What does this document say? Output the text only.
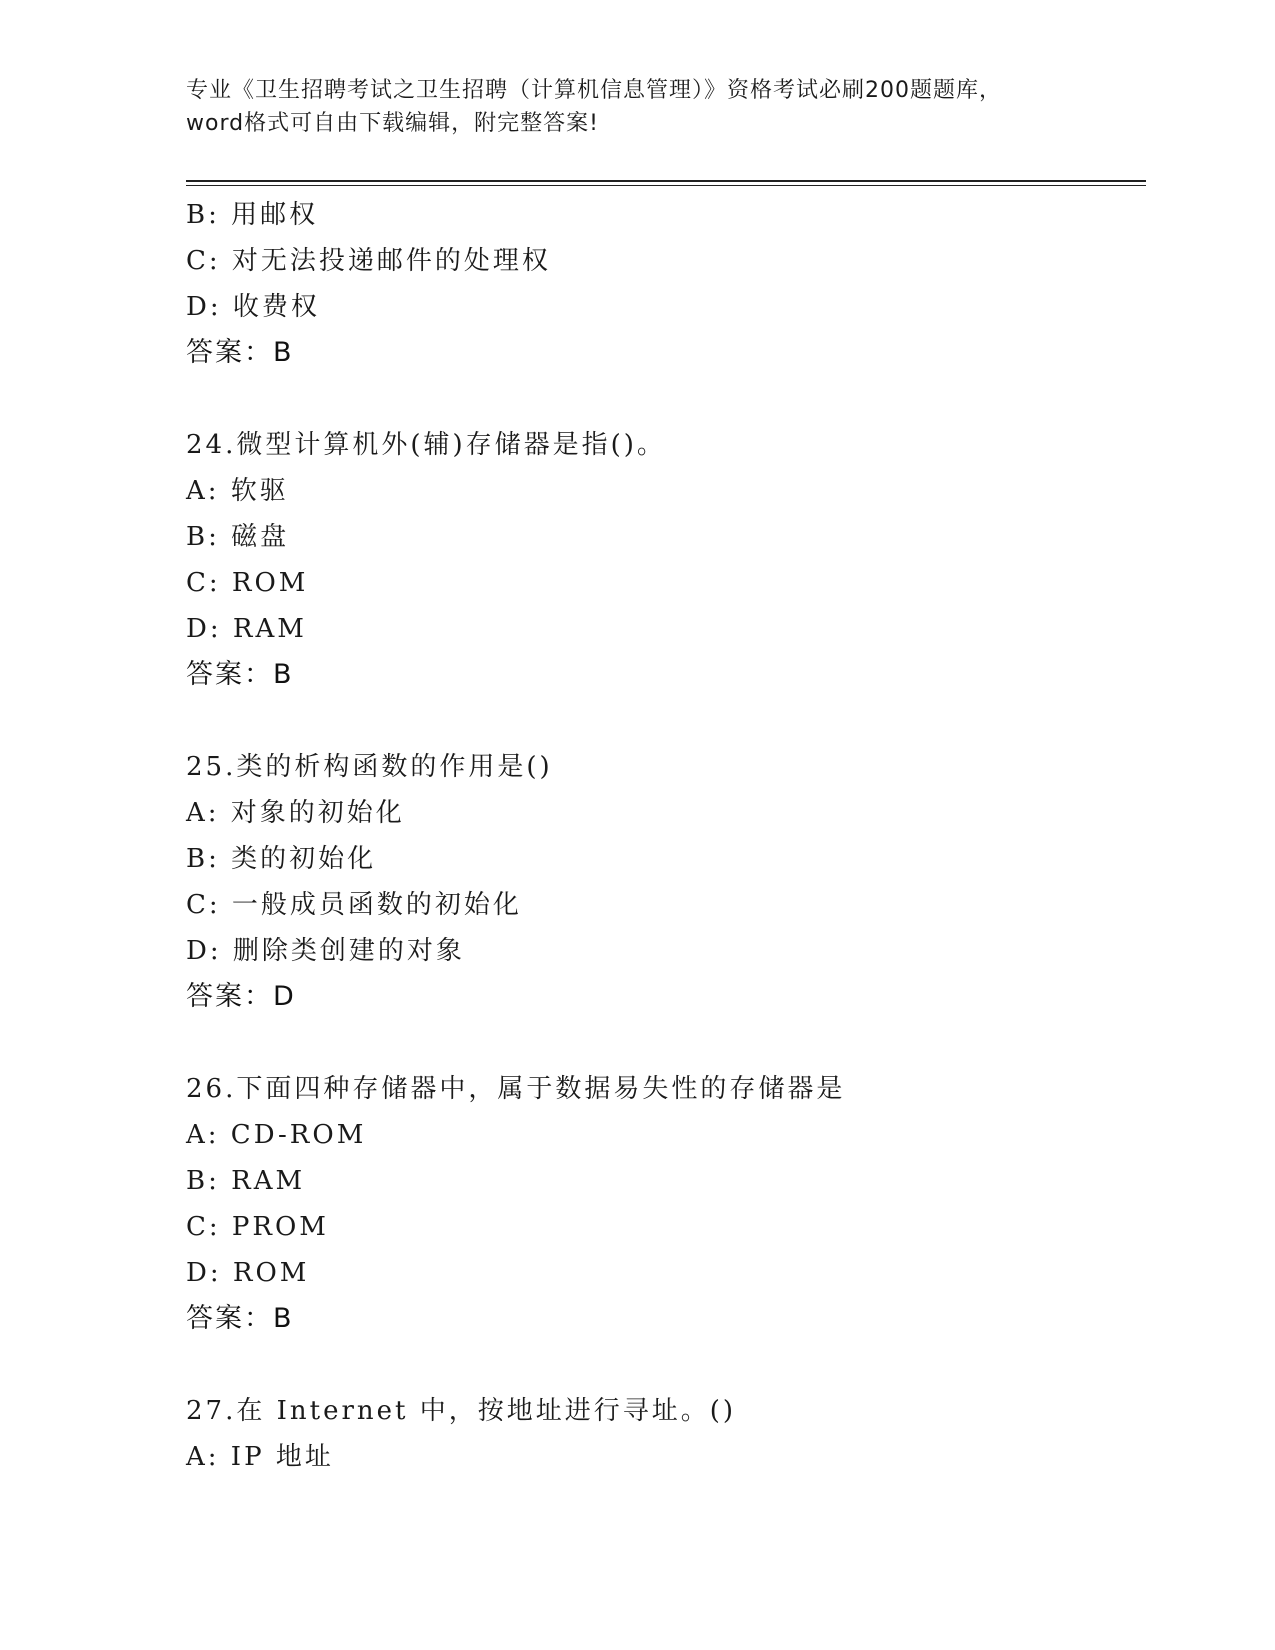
专业《卫生招聘考试之卫生招聘（计算机信息管理）》资格考试必刷200题题库，
word格式可自由下载编辑，附完整答案!
B: 用邮权
C: 对无法投递邮件的处理权
D: 收费权
答案：B
24.微型计算机外(辅)存储器是指()。
A: 软驱
B: 磁盘
C: ROM
D: RAM
答案：B
25.类的析构函数的作用是()
A: 对象的初始化
B: 类的初始化
C: 一般成员函数的初始化
D: 删除类创建的对象
答案：D
26.下面四种存储器中，属于数据易失性的存储器是
A: CD-ROM
B: RAM
C: PROM
D: ROM
答案：B
27.在 Internet 中，按地址进行寻址。()
A: IP 地址
